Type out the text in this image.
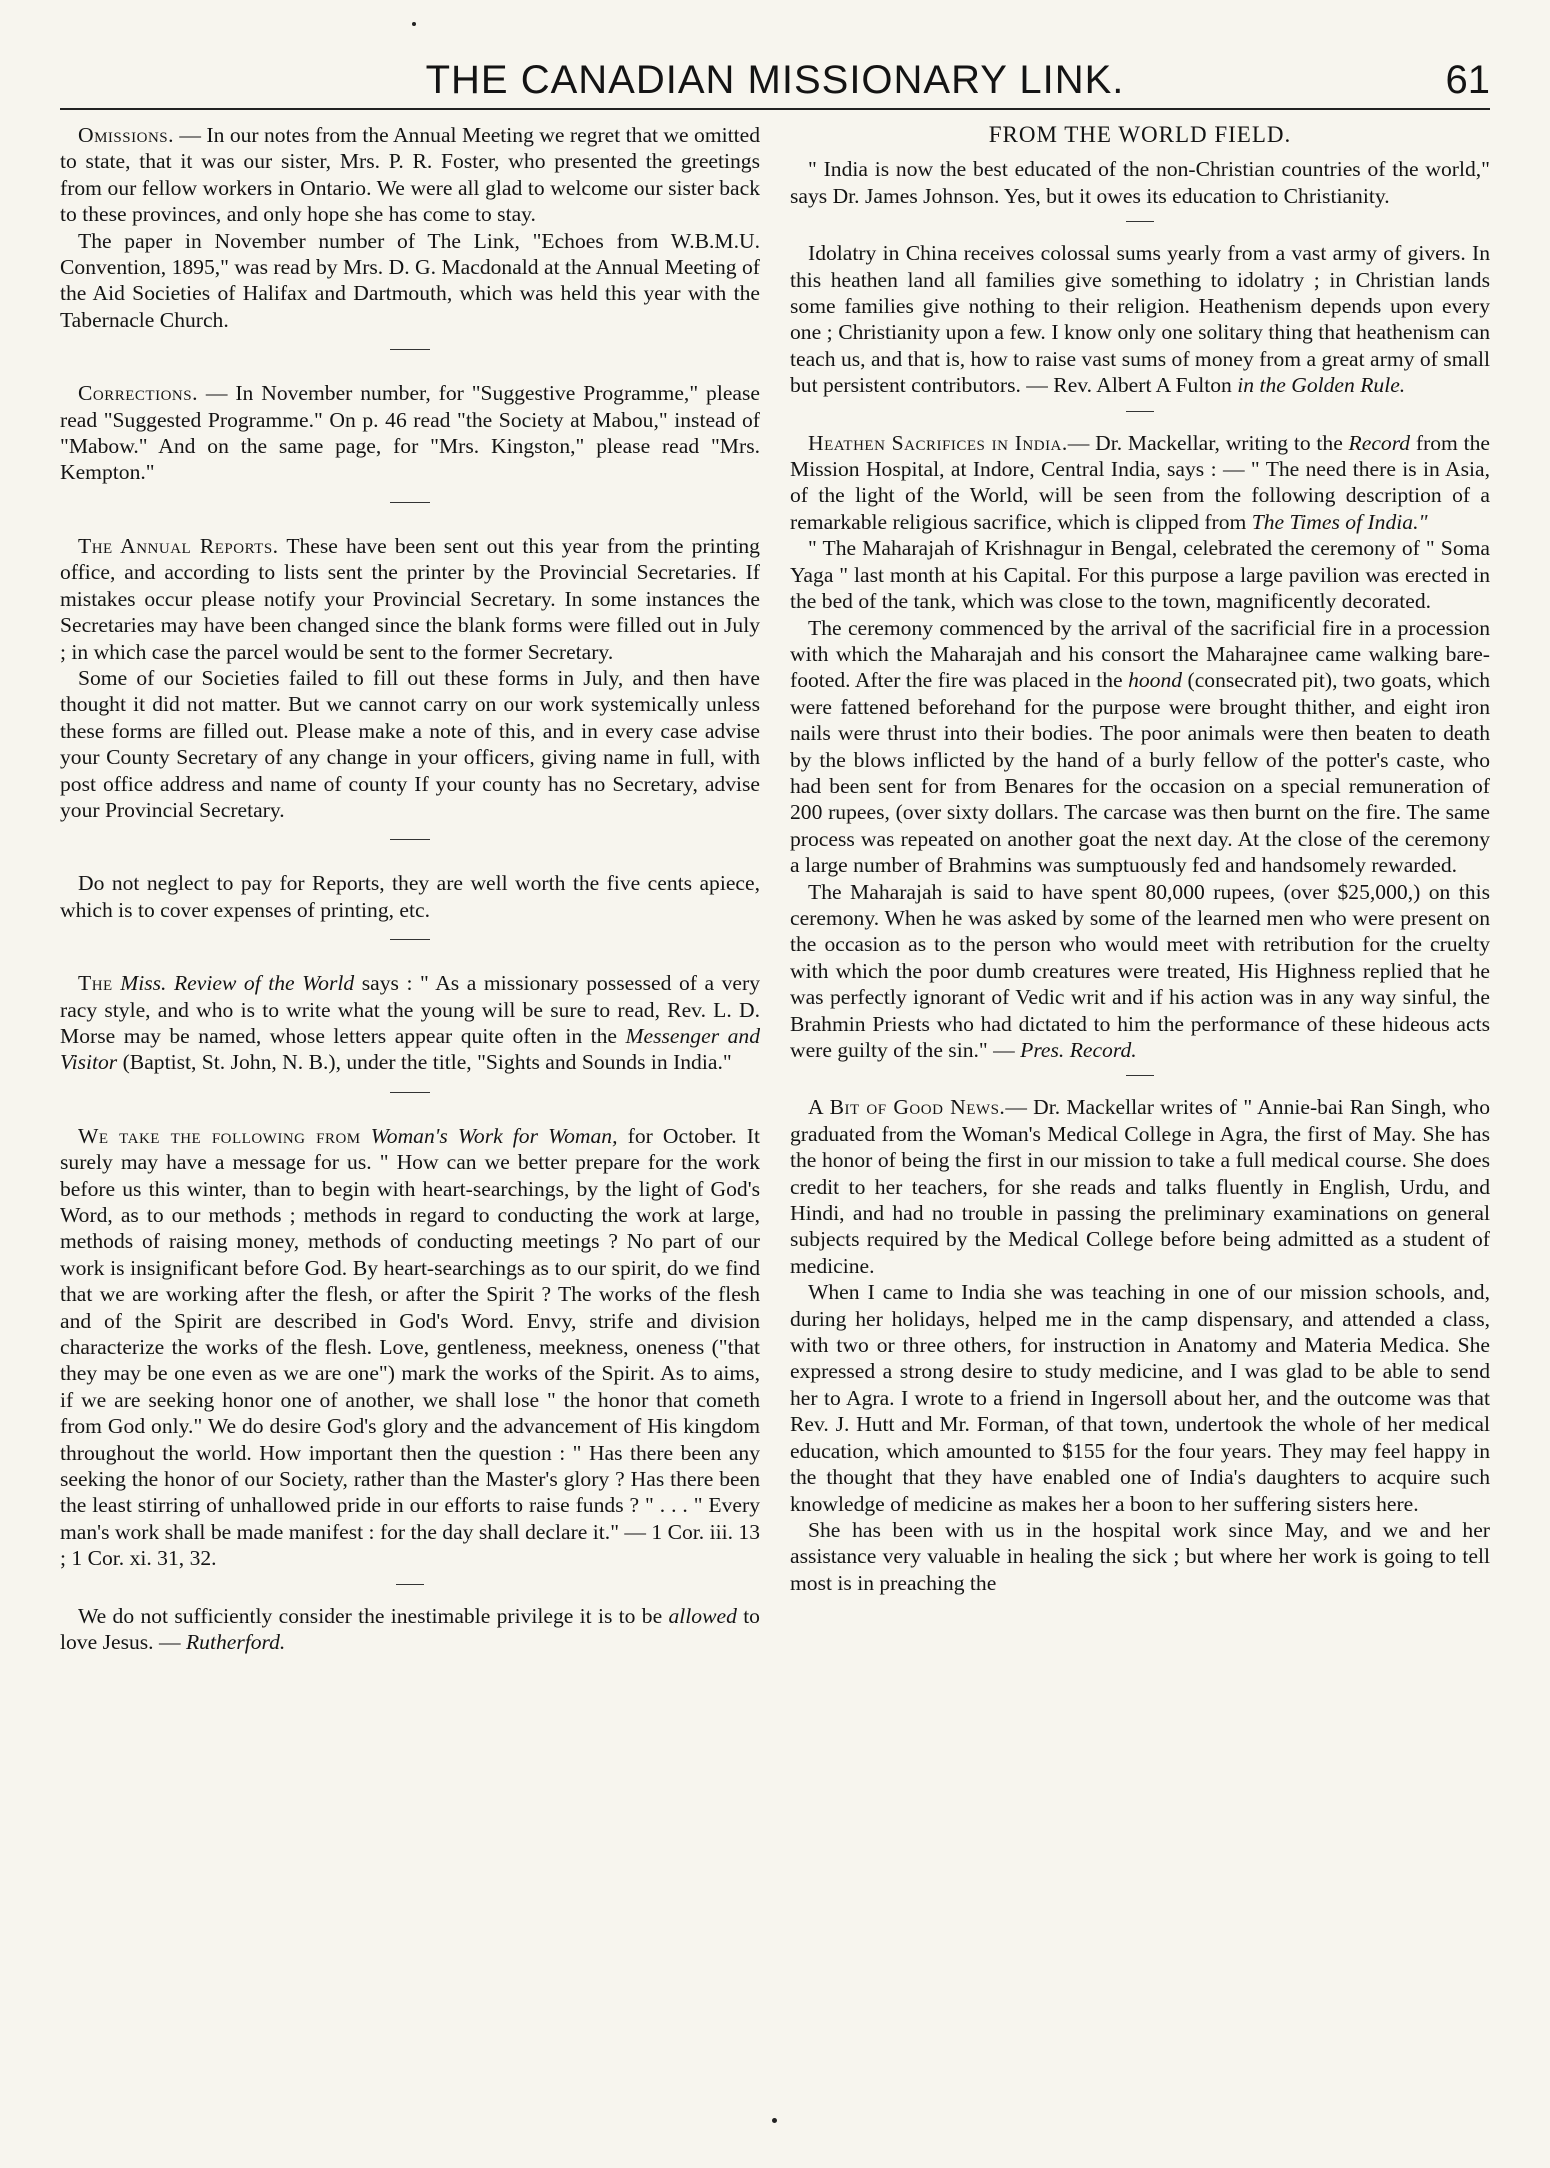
THE CANADIAN MISSIONARY LINK.	61

Omissions. — In our notes from the Annual Meeting we regret that we omitted to state, that it was our sister, Mrs. P. R. Foster, who presented the greetings from our fellow workers in Ontario. We were all glad to welcome our sister back to these provinces, and only hope she has come to stay.

The paper in November number of The Link, "Echoes from W.B.M.U. Convention, 1895," was read by Mrs. D. G. Macdonald at the Annual Meeting of the Aid Societies of Halifax and Dartmouth, which was held this year with the Tabernacle Church.

Corrections. — In November number, for "Suggestive Programme," please read "Suggested Programme." On p. 46 read "the Society at Mabou," instead of "Mabow." And on the same page, for "Mrs. Kingston," please read "Mrs. Kempton."

The Annual Reports. These have been sent out this year from the printing office, and according to lists sent the printer by the Provincial Secretaries. If mistakes occur please notify your Provincial Secretary. In some instances the Secretaries may have been changed since the blank forms were filled out in July ; in which case the parcel would be sent to the former Secretary.

Some of our Societies failed to fill out these forms in July, and then have thought it did not matter. But we cannot carry on our work systemically unless these forms are filled out. Please make a note of this, and in every case advise your County Secretary of any change in your officers, giving name in full, with post office address and name of county If your county has no Secretary, advise your Provincial Secretary.

Do not neglect to pay for Reports, they are well worth the five cents apiece, which is to cover expenses of printing, etc.

The Miss. Review of the World says : " As a missionary possessed of a very racy style, and who is to write what the young will be sure to read, Rev. L. D. Morse may be named, whose letters appear quite often in the Messenger and Visitor (Baptist, St. John, N. B.), under the title, "Sights and Sounds in India."

We take the following from Woman's Work for Woman, for October. It surely may have a message for us. " How can we better prepare for the work before us this winter, than to begin with heart-searchings, by the light of God's Word, as to our methods ; methods in regard to conducting the work at large, methods of raising money, methods of conducting meetings ? No part of our work is insignificant before God. By heart-searchings as to our spirit, do we find that we are working after the flesh, or after the Spirit ? The works of the flesh and of the Spirit are described in God's Word. Envy, strife and division characterize the works of the flesh. Love, gentleness, meekness, oneness ("that they may be one even as we are one") mark the works of the Spirit. As to aims, if we are seeking honor one of another, we shall lose " the honor that cometh from God only." We do desire God's glory and the advancement of His kingdom throughout the world. How important then the question : " Has there been any seeking the honor of our Society, rather than the Master's glory ? Has there been the least stirring of unhallowed pride in our efforts to raise funds ? " . . . " Every man's work shall be made manifest : for the day shall declare it." — 1 Cor. iii. 13 ; 1 Cor. xi. 31, 32.

We do not sufficiently consider the inestimable privilege it is to be allowed to love Jesus. — Rutherford.

FROM THE WORLD FIELD.

" India is now the best educated of the non-Christian countries of the world," says Dr. James Johnson. Yes, but it owes its education to Christianity.

Idolatry in China receives colossal sums yearly from a vast army of givers. In this heathen land all families give something to idolatry ; in Christian lands some families give nothing to their religion. Heathenism depends upon every one ; Christianity upon a few. I know only one solitary thing that heathenism can teach us, and that is, how to raise vast sums of money from a great army of small but persistent contributors. — Rev. Albert A Fulton in the Golden Rule.

Heathen Sacrifices in India.— Dr. Mackellar, writing to the Record from the Mission Hospital, at Indore, Central India, says : — " The need there is in Asia, of the light of the World, will be seen from the following description of a remarkable religious sacrifice, which is clipped from The Times of India."

" The Maharajah of Krishnagur in Bengal, celebrated the ceremony of " Soma Yaga " last month at his Capital. For this purpose a large pavilion was erected in the bed of the tank, which was close to the town, magnificently decorated.

The ceremony commenced by the arrival of the sacrificial fire in a procession with which the Maharajah and his consort the Maharajnee came walking bare-footed. After the fire was placed in the hoond (consecrated pit), two goats, which were fattened beforehand for the purpose were brought thither, and eight iron nails were thrust into their bodies. The poor animals were then beaten to death by the blows inflicted by the hand of a burly fellow of the potter's caste, who had been sent for from Benares for the occasion on a special remuneration of 200 rupees, (over sixty dollars. The carcase was then burnt on the fire. The same process was repeated on another goat the next day. At the close of the ceremony a large number of Brahmins was sumptuously fed and handsomely rewarded.

The Maharajah is said to have spent 80,000 rupees, (over $25,000,) on this ceremony. When he was asked by some of the learned men who were present on the occasion as to the person who would meet with retribution for the cruelty with which the poor dumb creatures were treated, His Highness replied that he was perfectly ignorant of Vedic writ and if his action was in any way sinful, the Brahmin Priests who had dictated to him the performance of these hideous acts were guilty of the sin." — Pres. Record.

A Bit of Good News.— Dr. Mackellar writes of " Annie-bai Ran Singh, who graduated from the Woman's Medical College in Agra, the first of May. She has the honor of being the first in our mission to take a full medical course. She does credit to her teachers, for she reads and talks fluently in English, Urdu, and Hindi, and had no trouble in passing the preliminary examinations on general subjects required by the Medical College before being admitted as a student of medicine.

When I came to India she was teaching in one of our mission schools, and, during her holidays, helped me in the camp dispensary, and attended a class, with two or three others, for instruction in Anatomy and Materia Medica. She expressed a strong desire to study medicine, and I was glad to be able to send her to Agra. I wrote to a friend in Ingersoll about her, and the outcome was that Rev. J. Hutt and Mr. Forman, of that town, undertook the whole of her medical education, which amounted to $155 for the four years. They may feel happy in the thought that they have enabled one of India's daughters to acquire such knowledge of medicine as makes her a boon to her suffering sisters here.

She has been with us in the hospital work since May, and we and her assistance very valuable in healing the sick ; but where her work is going to tell most is in preaching the
